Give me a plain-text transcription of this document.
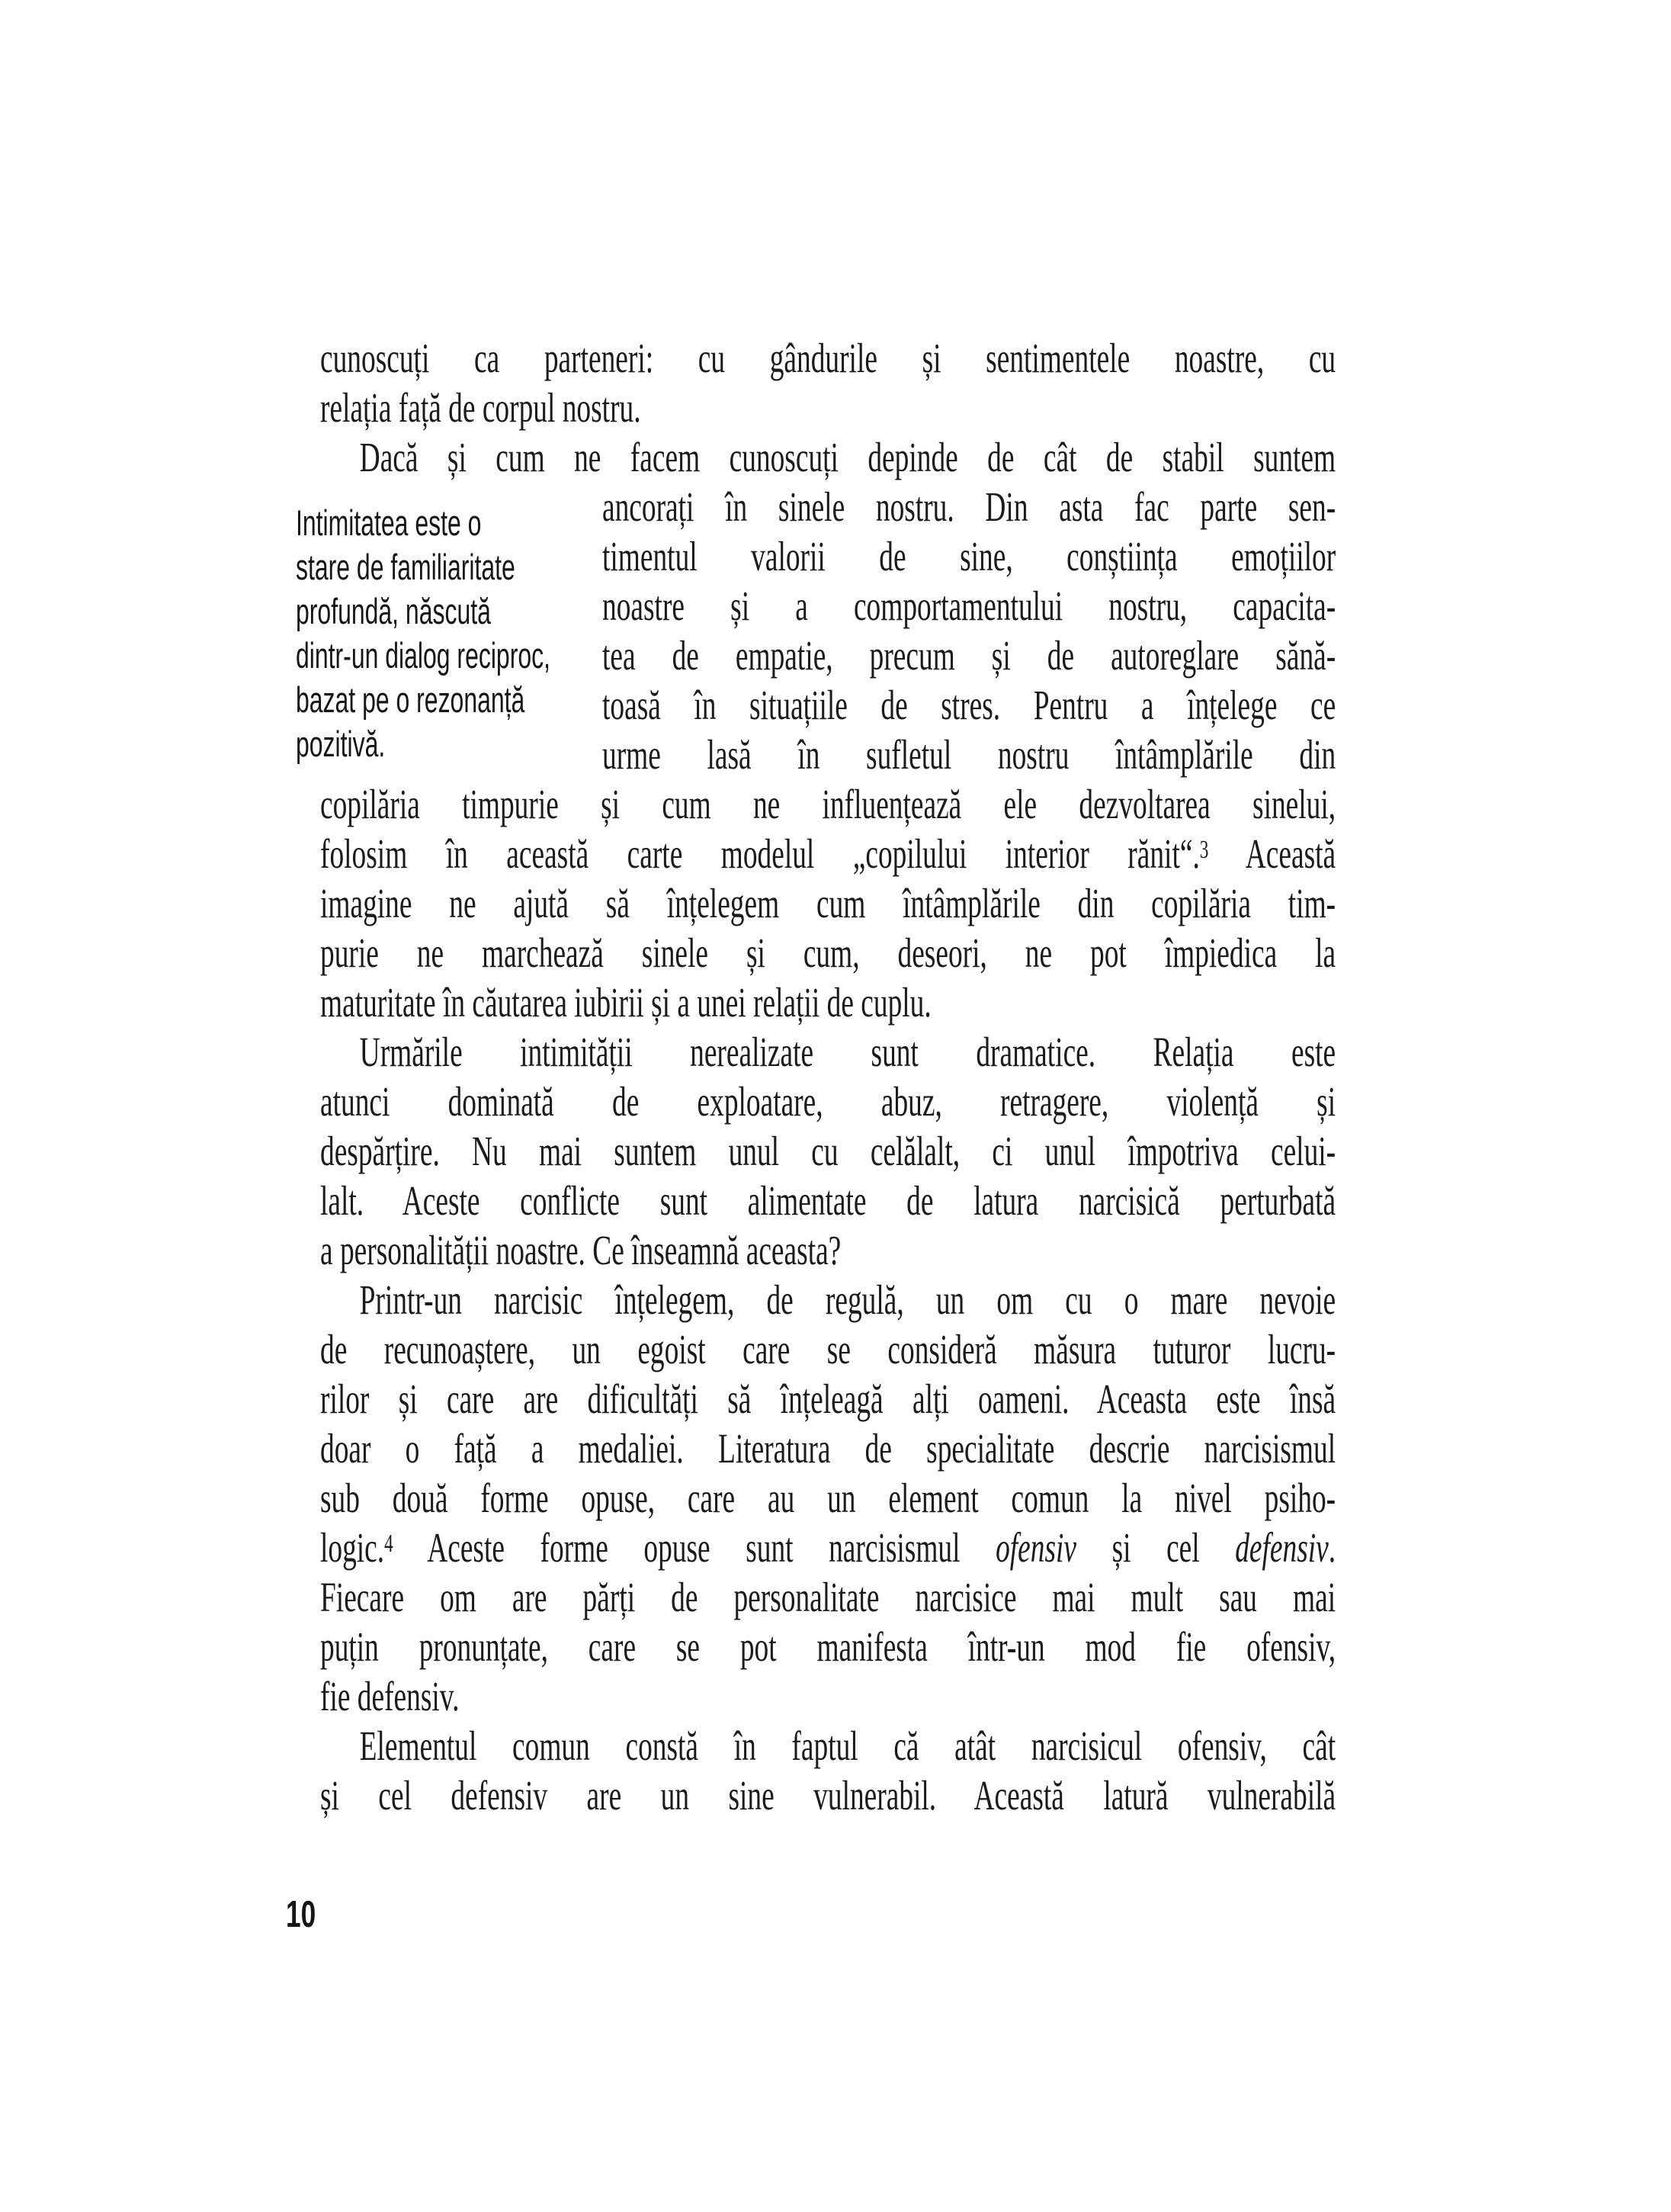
cunoscuți ca parteneri: cu gândurile și sentimentele noastre, cu
relația față de corpul nostru.
Dacă și cum ne facem cunoscuți depinde de cât de stabil suntem
Intimitatea este o
stare de familiaritate
profundă, născută
dintr-un dialog reciproc,
bazat pe o rezonanță
pozitivă.
ancorați în sinele nostru. Din asta fac parte sen-
timentul valorii de sine, conștiința emoțiilor
noastre și a comportamentului nostru, capacita-
tea de empatie, precum și de autoreglare sănă-
toasă în situațiile de stres. Pentru a înțelege ce
urme lasă în sufletul nostru întâmplările din
copilăria timpurie și cum ne influențează ele dezvoltarea sinelui,
folosim în această carte modelul „copilului interior rănit“.$^3$ Această
imagine ne ajută să înțelegem cum întâmplările din copilăria tim-
purie ne marchează sinele și cum, deseori, ne pot împiedica la
maturitate în căutarea iubirii și a unei relații de cuplu.
Urmările intimității nerealizate sunt dramatice. Relația este
atunci dominată de exploatare, abuz, retragere, violență și
despărțire. Nu mai suntem unul cu celălalt, ci unul împotriva celui-
lalt. Aceste conflicte sunt alimentate de latura narcisică perturbată
a personalității noastre. Ce înseamnă aceasta?
Printr-un narcisic înțelegem, de regulă, un om cu o mare nevoie
de recunoaștere, un egoist care se consideră măsura tuturor lucru-
rilor și care are dificultăți să înțeleagă alți oameni. Aceasta este însă
doar o față a medaliei. Literatura de specialitate descrie narcisismul
sub două forme opuse, care au un element comun la nivel psiho-
logic.$^4$ Aceste forme opuse sunt narcisismul ofensiv și cel defensiv.
Fiecare om are părți de personalitate narcisice mai mult sau mai
puțin pronunțate, care se pot manifesta într-un mod fie ofensiv,
fie defensiv.
Elementul comun constă în faptul că atât narcisicul ofensiv, cât
și cel defensiv are un sine vulnerabil. Această latură vulnerabilă
10
